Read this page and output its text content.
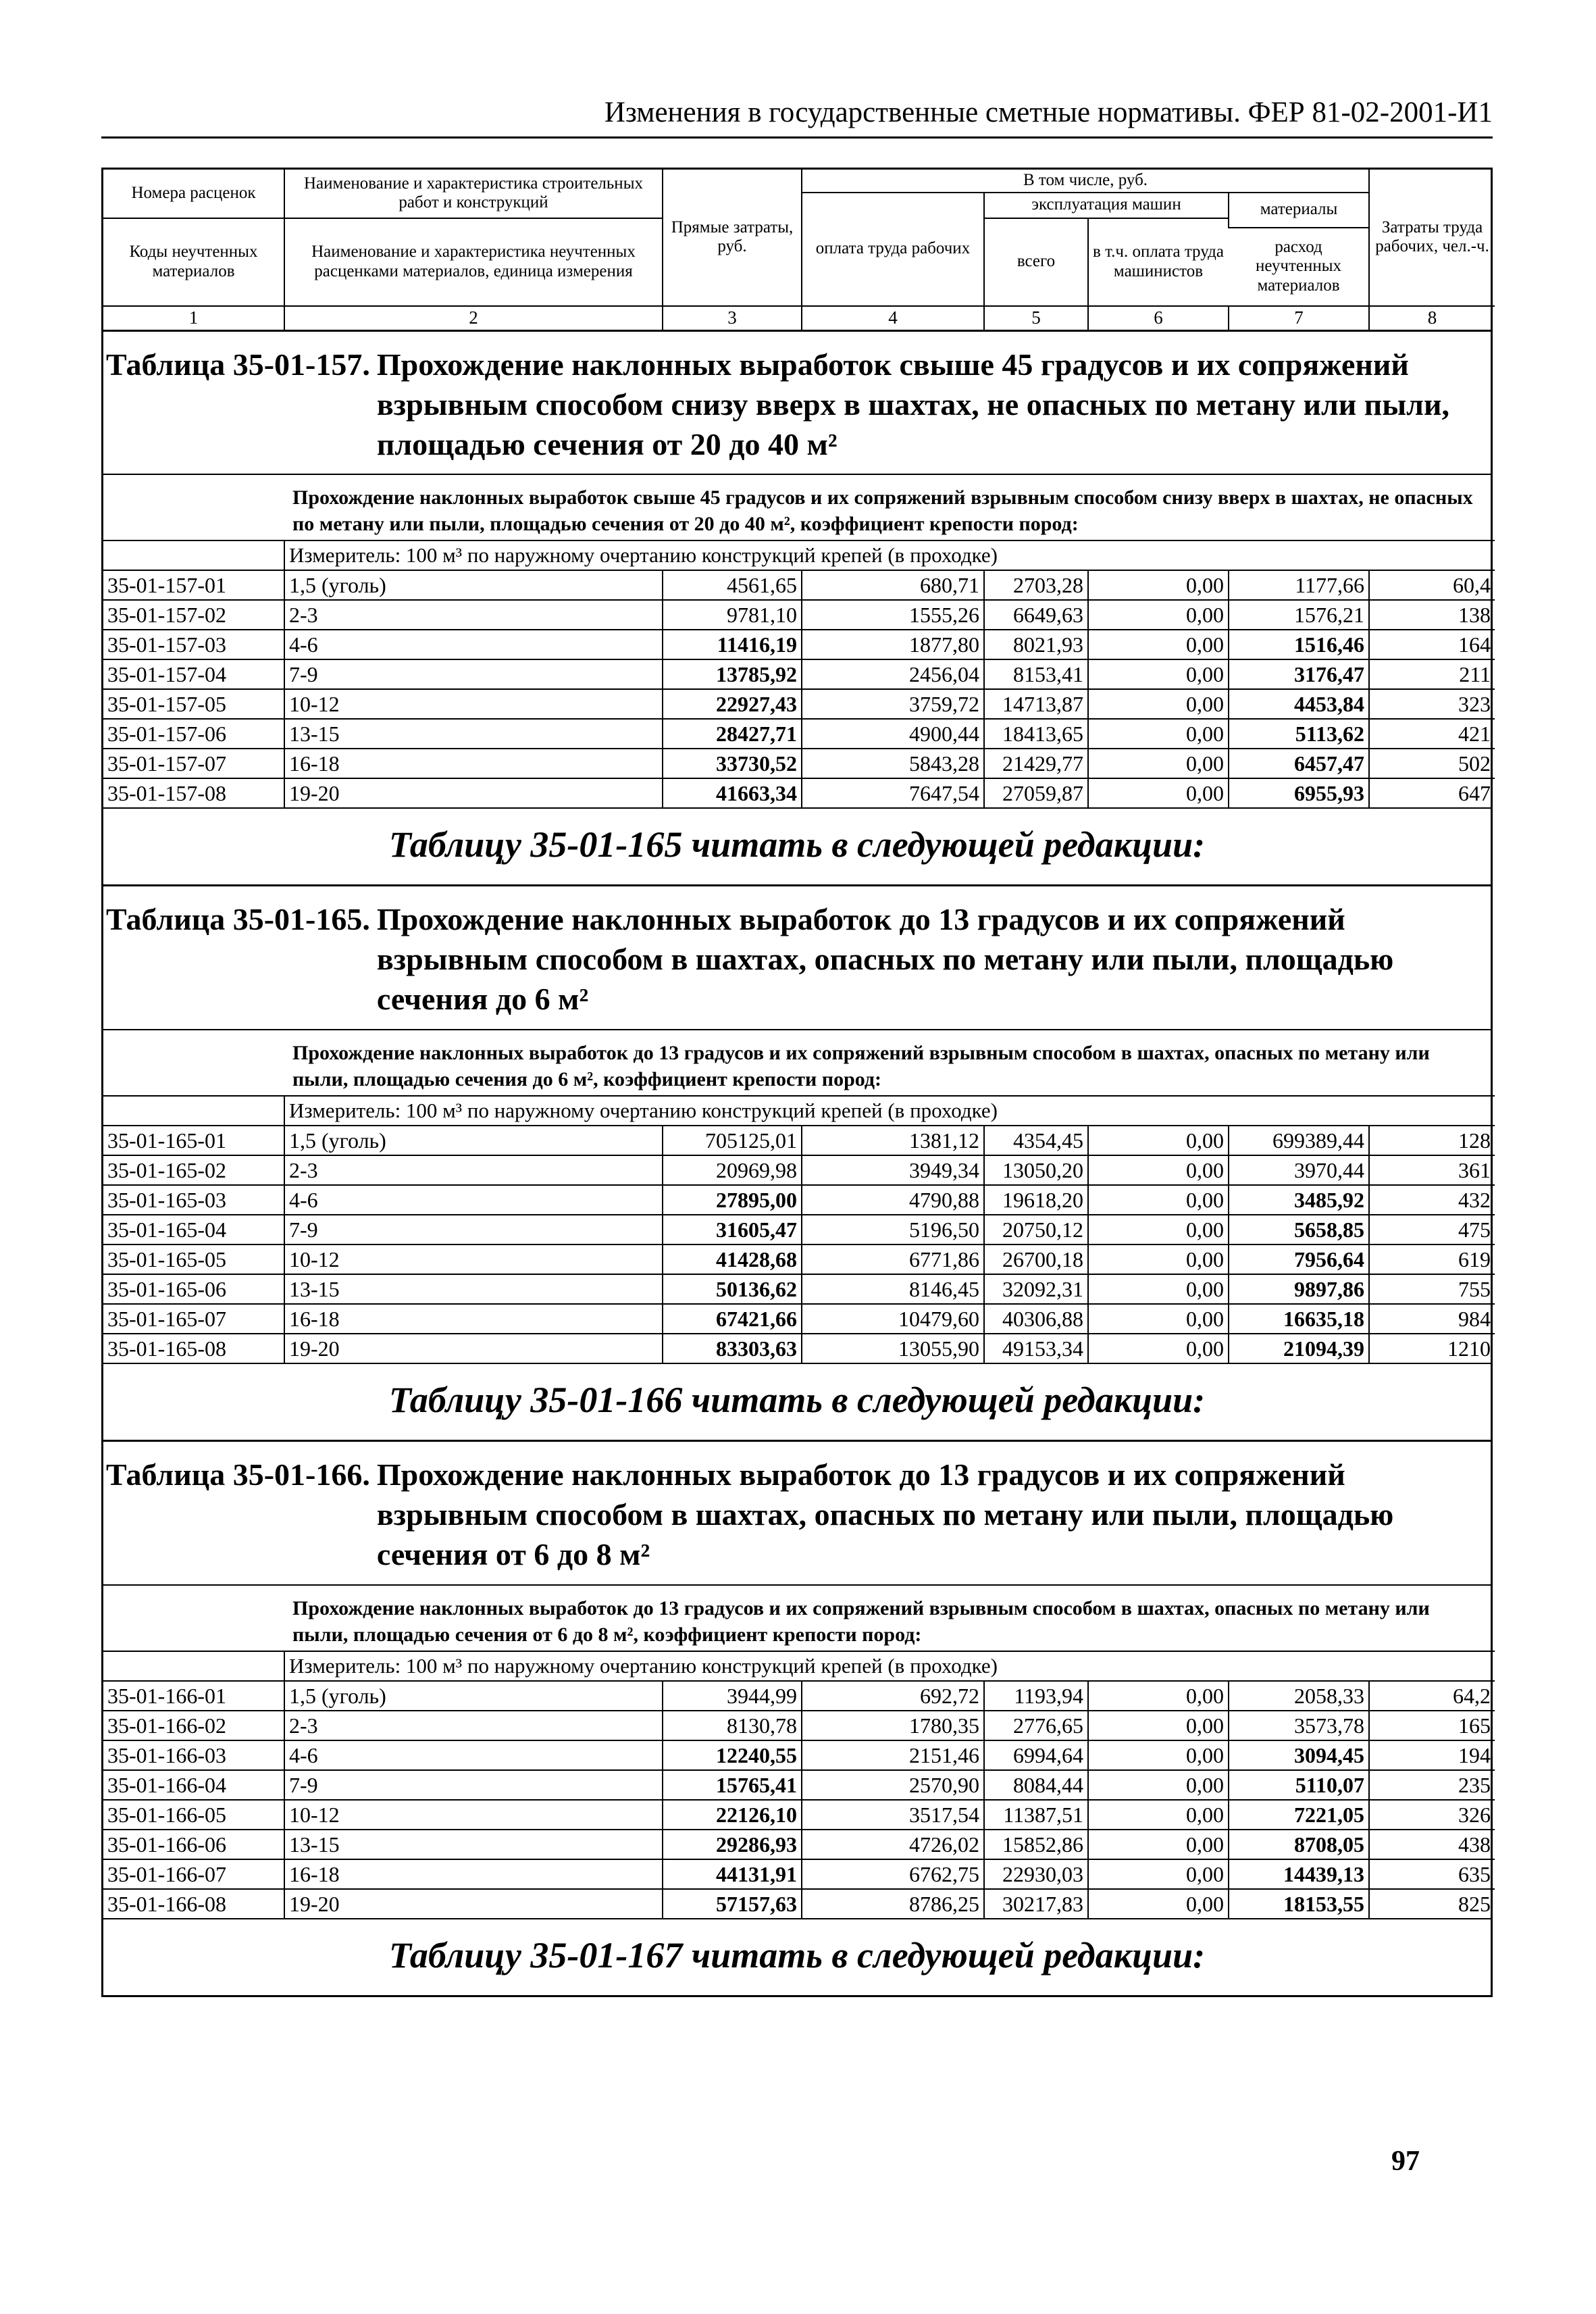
Изменения в государственные сметные нормативы. ФЕР 81-02-2001-И1
Номера расценок	Наименование и характеристика строительных работ и конструкций	Прямые затраты, руб.	В том числе, руб.				Затраты труда рабочих, чел.-ч.
			оплата труда рабочих	эксплуатация машин		материалы	
Коды неучтенных материалов	Наименование и характеристика неучтенных расценками материалов, единица измерения			всего	в т.ч. оплата труда машинистов		
						расход неучтенных материалов	
1	2	3	4	5	6	7	8
Таблица 35-01-157. Прохождение наклонных выработок свыше 45 градусов и их сопряжений взрывным способом снизу вверх в шахтах, не опасных по метану или пыли, площадью сечения от 20 до 40 м²
Прохождение наклонных выработок свыше 45 градусов и их сопряжений взрывным способом снизу вверх в шахтах, не опасных по метану или пыли, площадью сечения от 20 до 40 м², коэффициент крепости пород:
	Измеритель: 100 м³ по наружному очертанию конструкций крепей (в проходке)						
35-01-157-01	1,5 (уголь)	4561,65	680,71	2703,28	0,00	1177,66	60,4
35-01-157-02	2-3	9781,10	1555,26	6649,63	0,00	1576,21	138
35-01-157-03	4-6	11416,19	1877,80	8021,93	0,00	1516,46	164
35-01-157-04	7-9	13785,92	2456,04	8153,41	0,00	3176,47	211
35-01-157-05	10-12	22927,43	3759,72	14713,87	0,00	4453,84	323
35-01-157-06	13-15	28427,71	4900,44	18413,65	0,00	5113,62	421
35-01-157-07	16-18	33730,52	5843,28	21429,77	0,00	6457,47	502
35-01-157-08	19-20	41663,34	7647,54	27059,87	0,00	6955,93	647
Таблицу 35-01-165 читать в следующей редакции:
Таблица 35-01-165. Прохождение наклонных выработок до 13 градусов и их сопряжений взрывным способом в шахтах, опасных по метану или пыли, площадью сечения до 6 м²
Прохождение наклонных выработок до 13 градусов и их сопряжений взрывным способом в шахтах, опасных по метану или пыли, площадью сечения до 6 м², коэффициент крепости пород:
	Измеритель: 100 м³ по наружному очертанию конструкций крепей (в проходке)						
35-01-165-01	1,5 (уголь)	705125,01	1381,12	4354,45	0,00	699389,44	128
35-01-165-02	2-3	20969,98	3949,34	13050,20	0,00	3970,44	361
35-01-165-03	4-6	27895,00	4790,88	19618,20	0,00	3485,92	432
35-01-165-04	7-9	31605,47	5196,50	20750,12	0,00	5658,85	475
35-01-165-05	10-12	41428,68	6771,86	26700,18	0,00	7956,64	619
35-01-165-06	13-15	50136,62	8146,45	32092,31	0,00	9897,86	755
35-01-165-07	16-18	67421,66	10479,60	40306,88	0,00	16635,18	984
35-01-165-08	19-20	83303,63	13055,90	49153,34	0,00	21094,39	1210
Таблицу 35-01-166 читать в следующей редакции:
Таблица 35-01-166. Прохождение наклонных выработок до 13 градусов и их сопряжений взрывным способом в шахтах, опасных по метану или пыли, площадью сечения от 6 до 8 м²
Прохождение наклонных выработок до 13 градусов и их сопряжений взрывным способом в шахтах, опасных по метану или пыли, площадью сечения от 6 до 8 м², коэффициент крепости пород:
	Измеритель: 100 м³ по наружному очертанию конструкций крепей (в проходке)						
35-01-166-01	1,5 (уголь)	3944,99	692,72	1193,94	0,00	2058,33	64,2
35-01-166-02	2-3	8130,78	1780,35	2776,65	0,00	3573,78	165
35-01-166-03	4-6	12240,55	2151,46	6994,64	0,00	3094,45	194
35-01-166-04	7-9	15765,41	2570,90	8084,44	0,00	5110,07	235
35-01-166-05	10-12	22126,10	3517,54	11387,51	0,00	7221,05	326
35-01-166-06	13-15	29286,93	4726,02	15852,86	0,00	8708,05	438
35-01-166-07	16-18	44131,91	6762,75	22930,03	0,00	14439,13	635
35-01-166-08	19-20	57157,63	8786,25	30217,83	0,00	18153,55	825
Таблицу 35-01-167 читать в следующей редакции:
97
